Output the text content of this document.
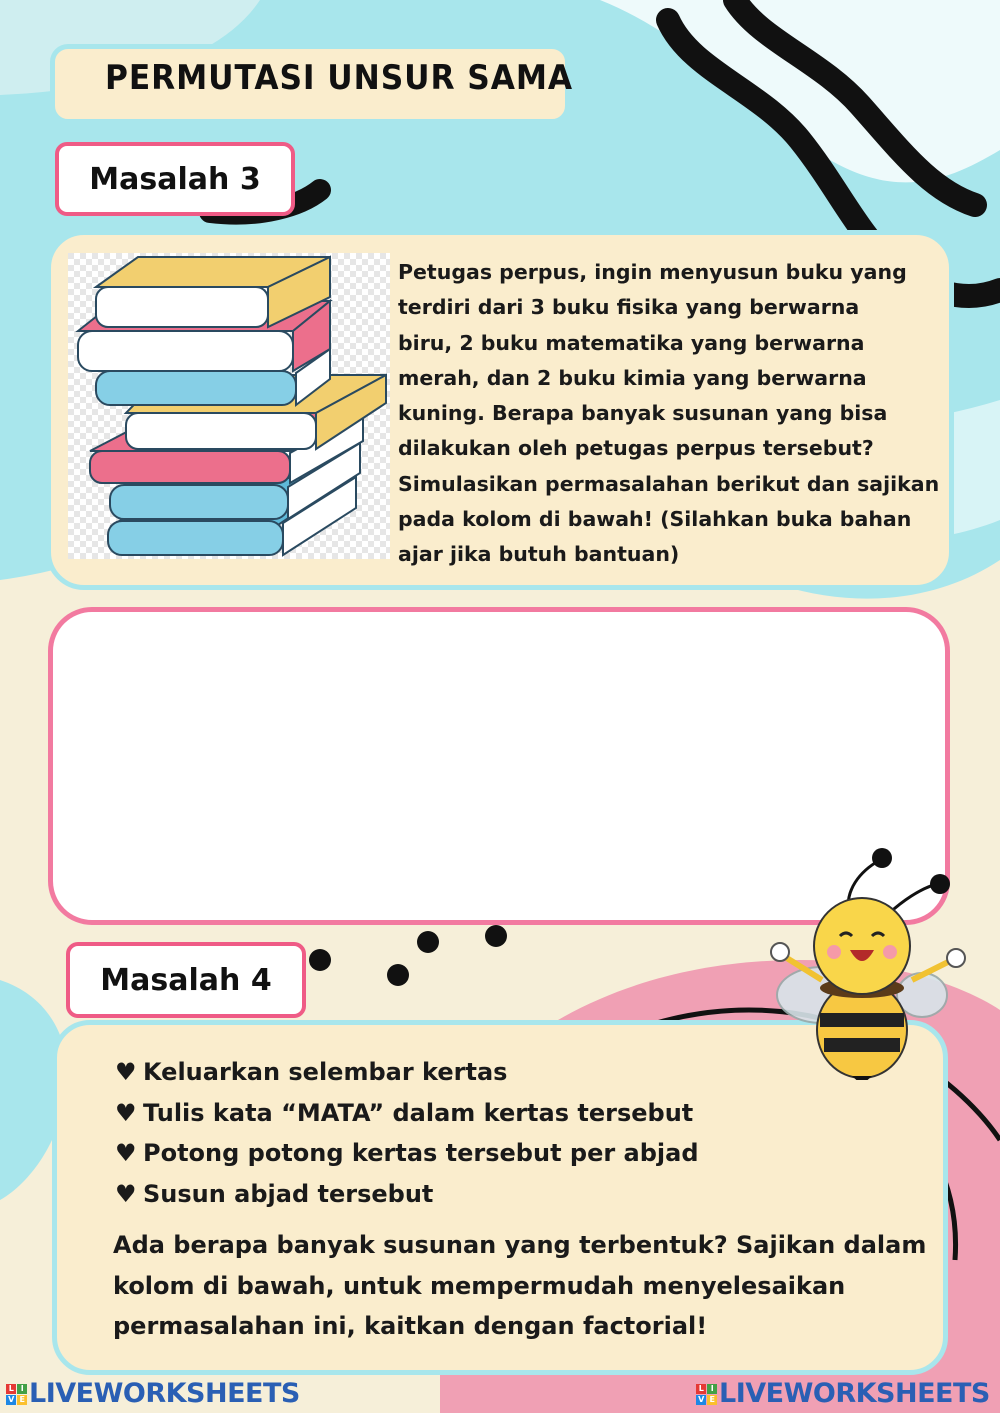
PERMUTASI UNSUR SAMA
Masalah 3
Petugas perpus, ingin menyusun buku yang
terdiri dari 3 buku fisika yang berwarna
biru, 2 buku matematika yang berwarna
merah, dan 2 buku kimia yang berwarna
kuning. Berapa banyak susunan yang bisa
dilakukan oleh petugas perpus tersebut?
Simulasikan permasalahan berikut dan sajikan
pada kolom di bawah! (Silahkan buka bahan
ajar jika butuh bantuan)
Masalah 4
♥ Keluarkan selembar kertas
♥ Tulis kata “MATA” dalam kertas tersebut
♥ Potong potong kertas tersebut per abjad
♥ Susun abjad tersebut
Ada berapa banyak susunan yang terbentuk? Sajikan dalam
kolom di bawah, untuk mempermudah menyelesaikan
permasalahan ini, kaitkan dengan factorial!
L I
V E LIVEWORKSHEETS	L I
V E LIVEWORKSHEETS
